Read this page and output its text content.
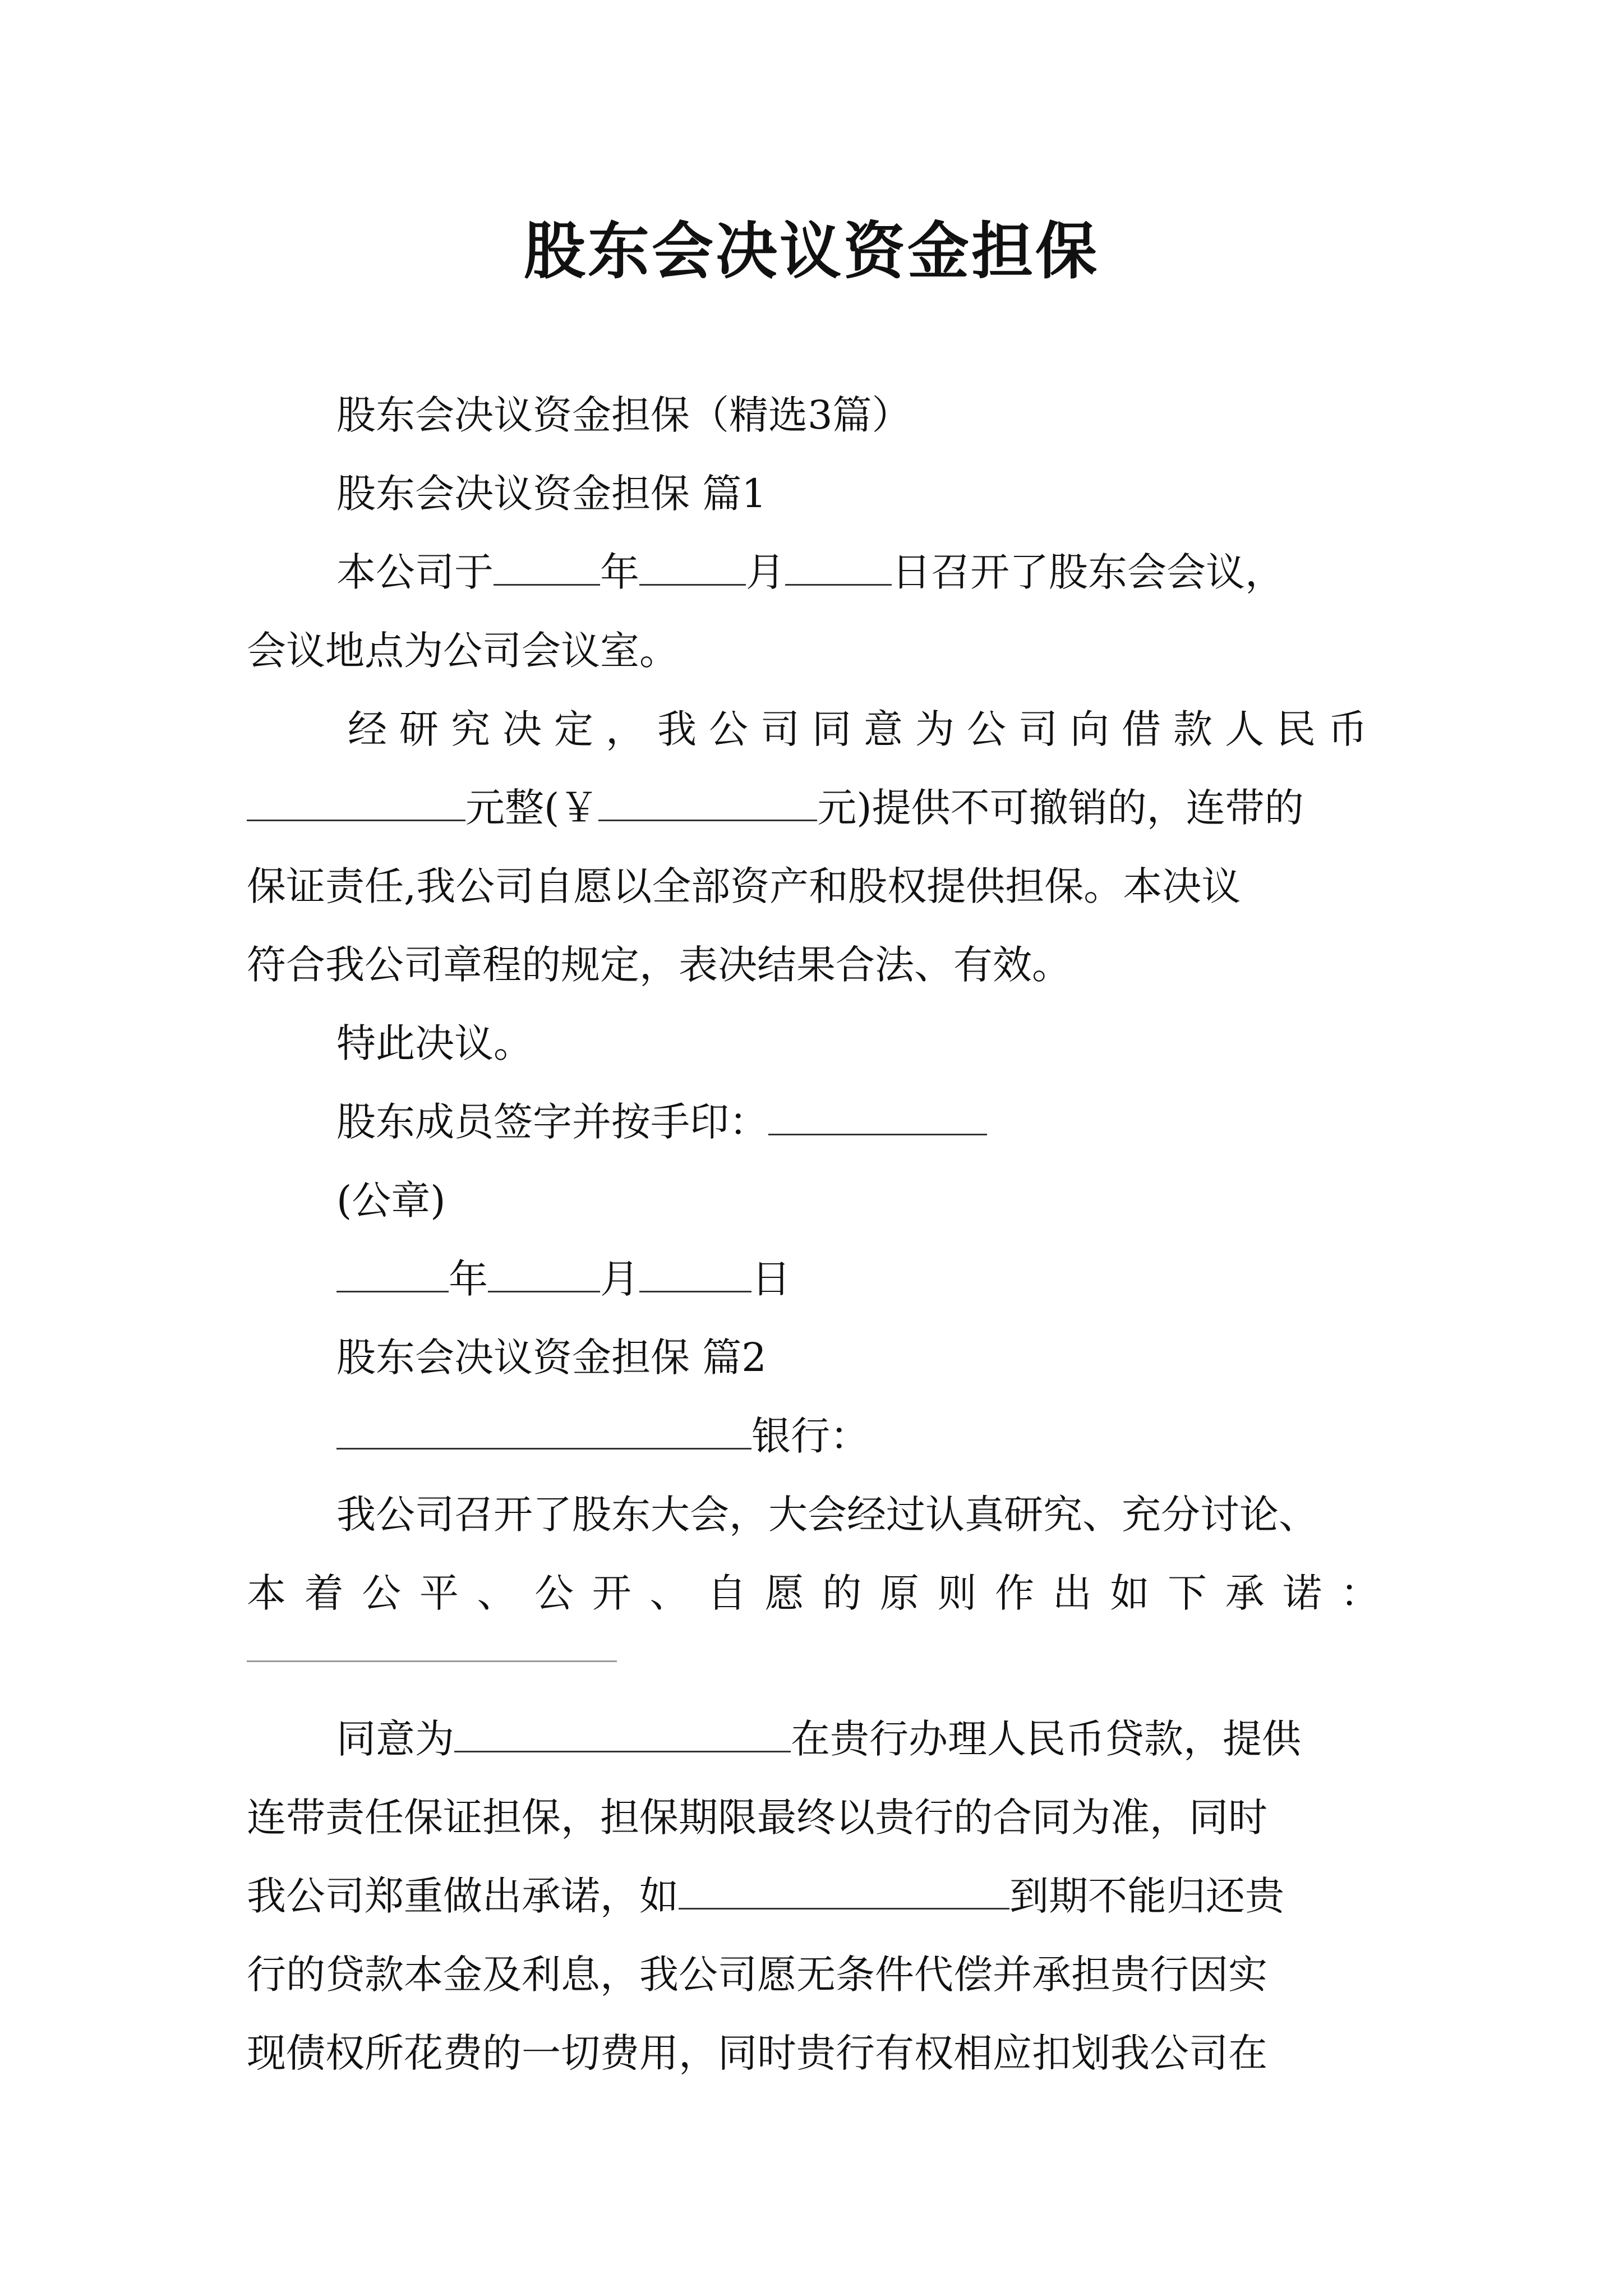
股东会决议资金担保
股东会决议资金担保（精选3篇）
股东会决议资金担保 篇1
本公司于	年	月	日召开了股东会会议，
会议地点为公司会议室。
经研究决定，我公司同意为公司向借款人民币
元整(￥	元)提供不可撤销的，连带的
保证责任,我公司自愿以全部资产和股权提供担保。本决议
符合我公司章程的规定，表决结果合法、有效。
特此决议。
股东成员签字并按手印：
(公章)
年	月	日
股东会决议资金担保 篇2
银行：
我公司召开了股东大会，大会经过认真研究、充分讨论、
本 着 公 平 、 公 开 、 自 愿 的 原 则 作 出 如 下 承 诺 ：
同意为	在贵行办理人民币贷款，提供
连带责任保证担保，担保期限最终以贵行的合同为准，同时
我公司郑重做出承诺，如	到期不能归还贵
行的贷款本金及利息，我公司愿无条件代偿并承担贵行因实
现债权所花费的一切费用，同时贵行有权相应扣划我公司在
